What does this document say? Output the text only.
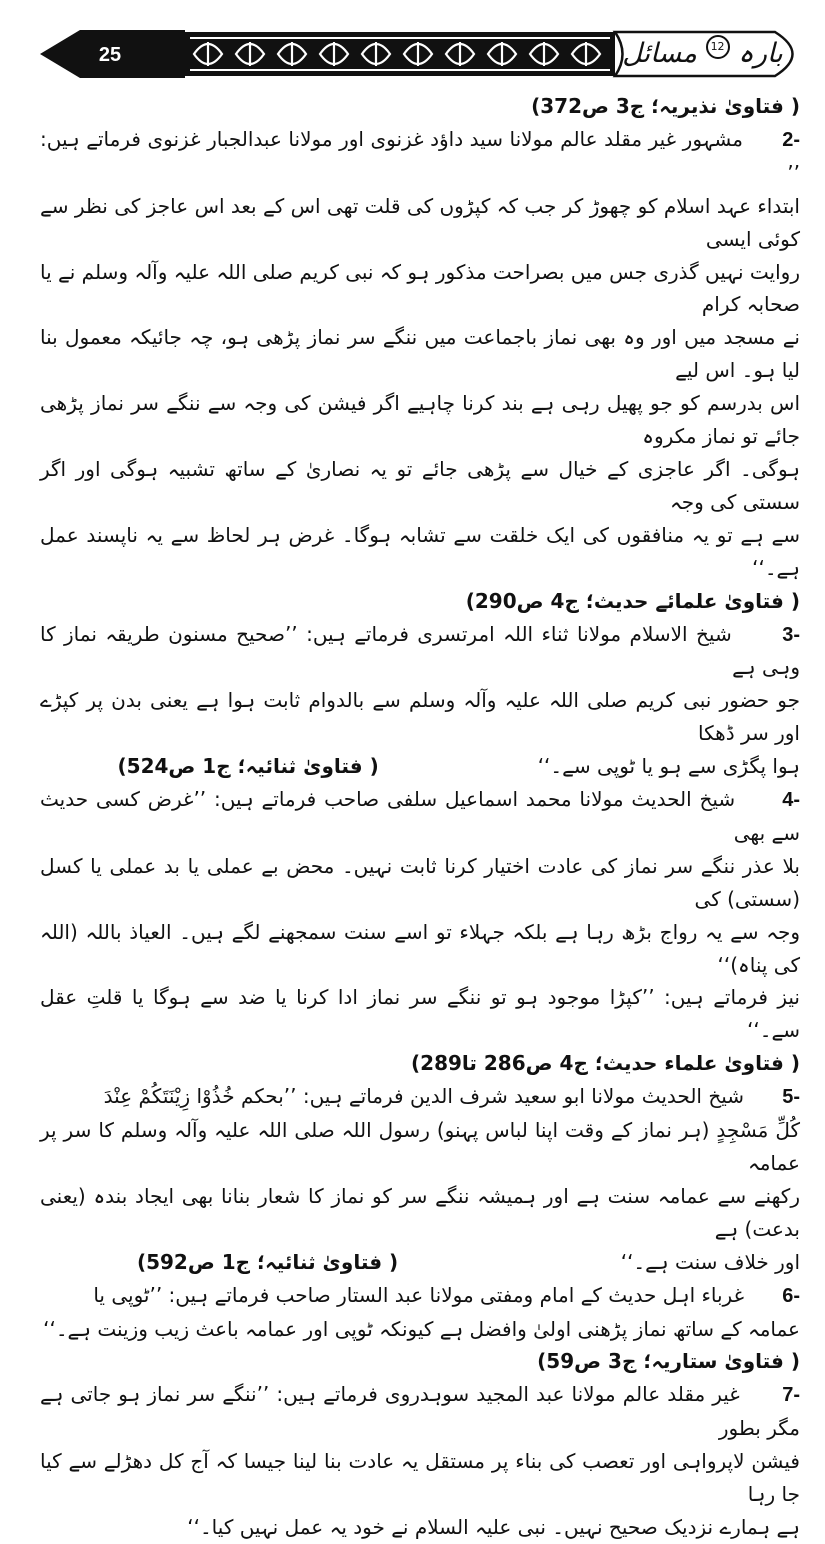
25	بارہ 12 مسائل

( فتاویٰ نذیریہ؛ ج3 ص372)

-2      مشہور غیر مقلد عالم مولانا سید داؤد غزنوی اور مولانا عبدالجبار غزنوی فرماتے ہیں: ’’

ابتداء عہد اسلام کو چھوڑ کر جب کہ کپڑوں کی قلت تھی اس کے بعد اس عاجز کی نظر سے کوئی ایسی

روایت نہیں گذری جس میں بصراحت مذکور ہو کہ نبی کریم صلی اللہ علیہ وآلہ وسلم نے یا صحابہ کرام

نے مسجد میں اور وہ بھی نماز باجماعت میں ننگے سر نماز پڑھی ہو، چہ جائیکہ معمول بنا لیا ہو۔ اس لیے

اس بدرسم کو جو پھیل رہی ہے بند کرنا چاہیے اگر فیشن کی وجہ سے ننگے سر نماز پڑھی جائے تو نماز مکروہ

ہوگی۔ اگر عاجزی کے خیال سے پڑھی جائے تو یہ نصاریٰ کے ساتھ تشبیہ ہوگی اور اگر سستی کی وجہ

سے ہے تو یہ منافقوں کی ایک خلقت سے تشابہ ہوگا۔ غرض ہر لحاظ سے یہ ناپسند عمل ہے۔‘‘

( فتاویٰ علمائے حدیث؛ ج4 ص290)

-3      شیخ الاسلام مولانا ثناء اللہ امرتسری فرماتے ہیں: ’’صحیح مسنون طریقہ نماز کا وہی ہے

جو حضور نبی کریم صلی اللہ علیہ وآلہ وسلم سے بالدوام ثابت ہوا ہے یعنی بدن پر کپڑے اور سر ڈھکا

ہوا پگڑی سے ہو یا ٹوپی سے۔‘‘                         ( فتاویٰ ثنائیہ؛ ج1 ص524)

-4      شیخ الحدیث مولانا محمد اسماعیل سلفی صاحب فرماتے ہیں: ’’غرض کسی حدیث سے بھی

بلا عذر ننگے سر نماز کی عادت اختیار کرنا ثابت نہیں۔ محض بے عملی یا بد عملی یا کسل (سستی) کی

وجہ سے یہ رواج بڑھ رہا ہے بلکہ جہلاء تو اسے سنت سمجھنے لگے ہیں۔ العیاذ باللہ (اللہ کی پناہ)‘‘

نیز فرماتے ہیں: ’’کپڑا موجود ہو تو ننگے سر نماز ادا کرنا یا ضد سے ہوگا یا قلتِ عقل سے۔‘‘

( فتاویٰ علماء حدیث؛ ج4 ص286 تا289)

-5      شیخ الحدیث مولانا ابو سعید شرف الدین فرماتے ہیں: ’’بحکم خُذُوْا زِیْنَتَکُمْ عِنْدَ

کُلِّ مَسْجِدٍ (ہر نماز کے وقت اپنا لباس پہنو) رسول اللہ صلی اللہ علیہ وآلہ وسلم کا سر پر عمامہ

رکھنے سے عمامہ سنت ہے اور ہمیشہ ننگے سر کو نماز کا شعار بنانا بھی ایجاد بندہ (یعنی بدعت) ہے

اور خلاف سنت ہے۔‘‘                                   ( فتاویٰ ثنائیہ؛ ج1 ص592)

-6      غرباء اہل حدیث کے امام ومفتی مولانا عبد الستار صاحب فرماتے ہیں: ’’ٹوپی یا

عمامہ کے ساتھ نماز پڑھنی اولیٰ وافضل ہے کیونکہ ٹوپی اور عمامہ باعث زیب وزینت ہے۔‘‘

( فتاویٰ ستاریہ؛ ج3 ص59)

-7      غیر مقلد عالم مولانا عبد المجید سوہدروی فرماتے ہیں: ’’ننگے سر نماز ہو جاتی ہے مگر بطور

فیشن لاپرواہی اور تعصب کی بناء پر مستقل یہ عادت بنا لینا جیسا کہ آج کل دھڑلے سے کیا جا رہا

ہے ہمارے نزدیک صحیح نہیں۔ نبی علیہ السلام نے خود یہ عمل نہیں کیا۔‘‘
